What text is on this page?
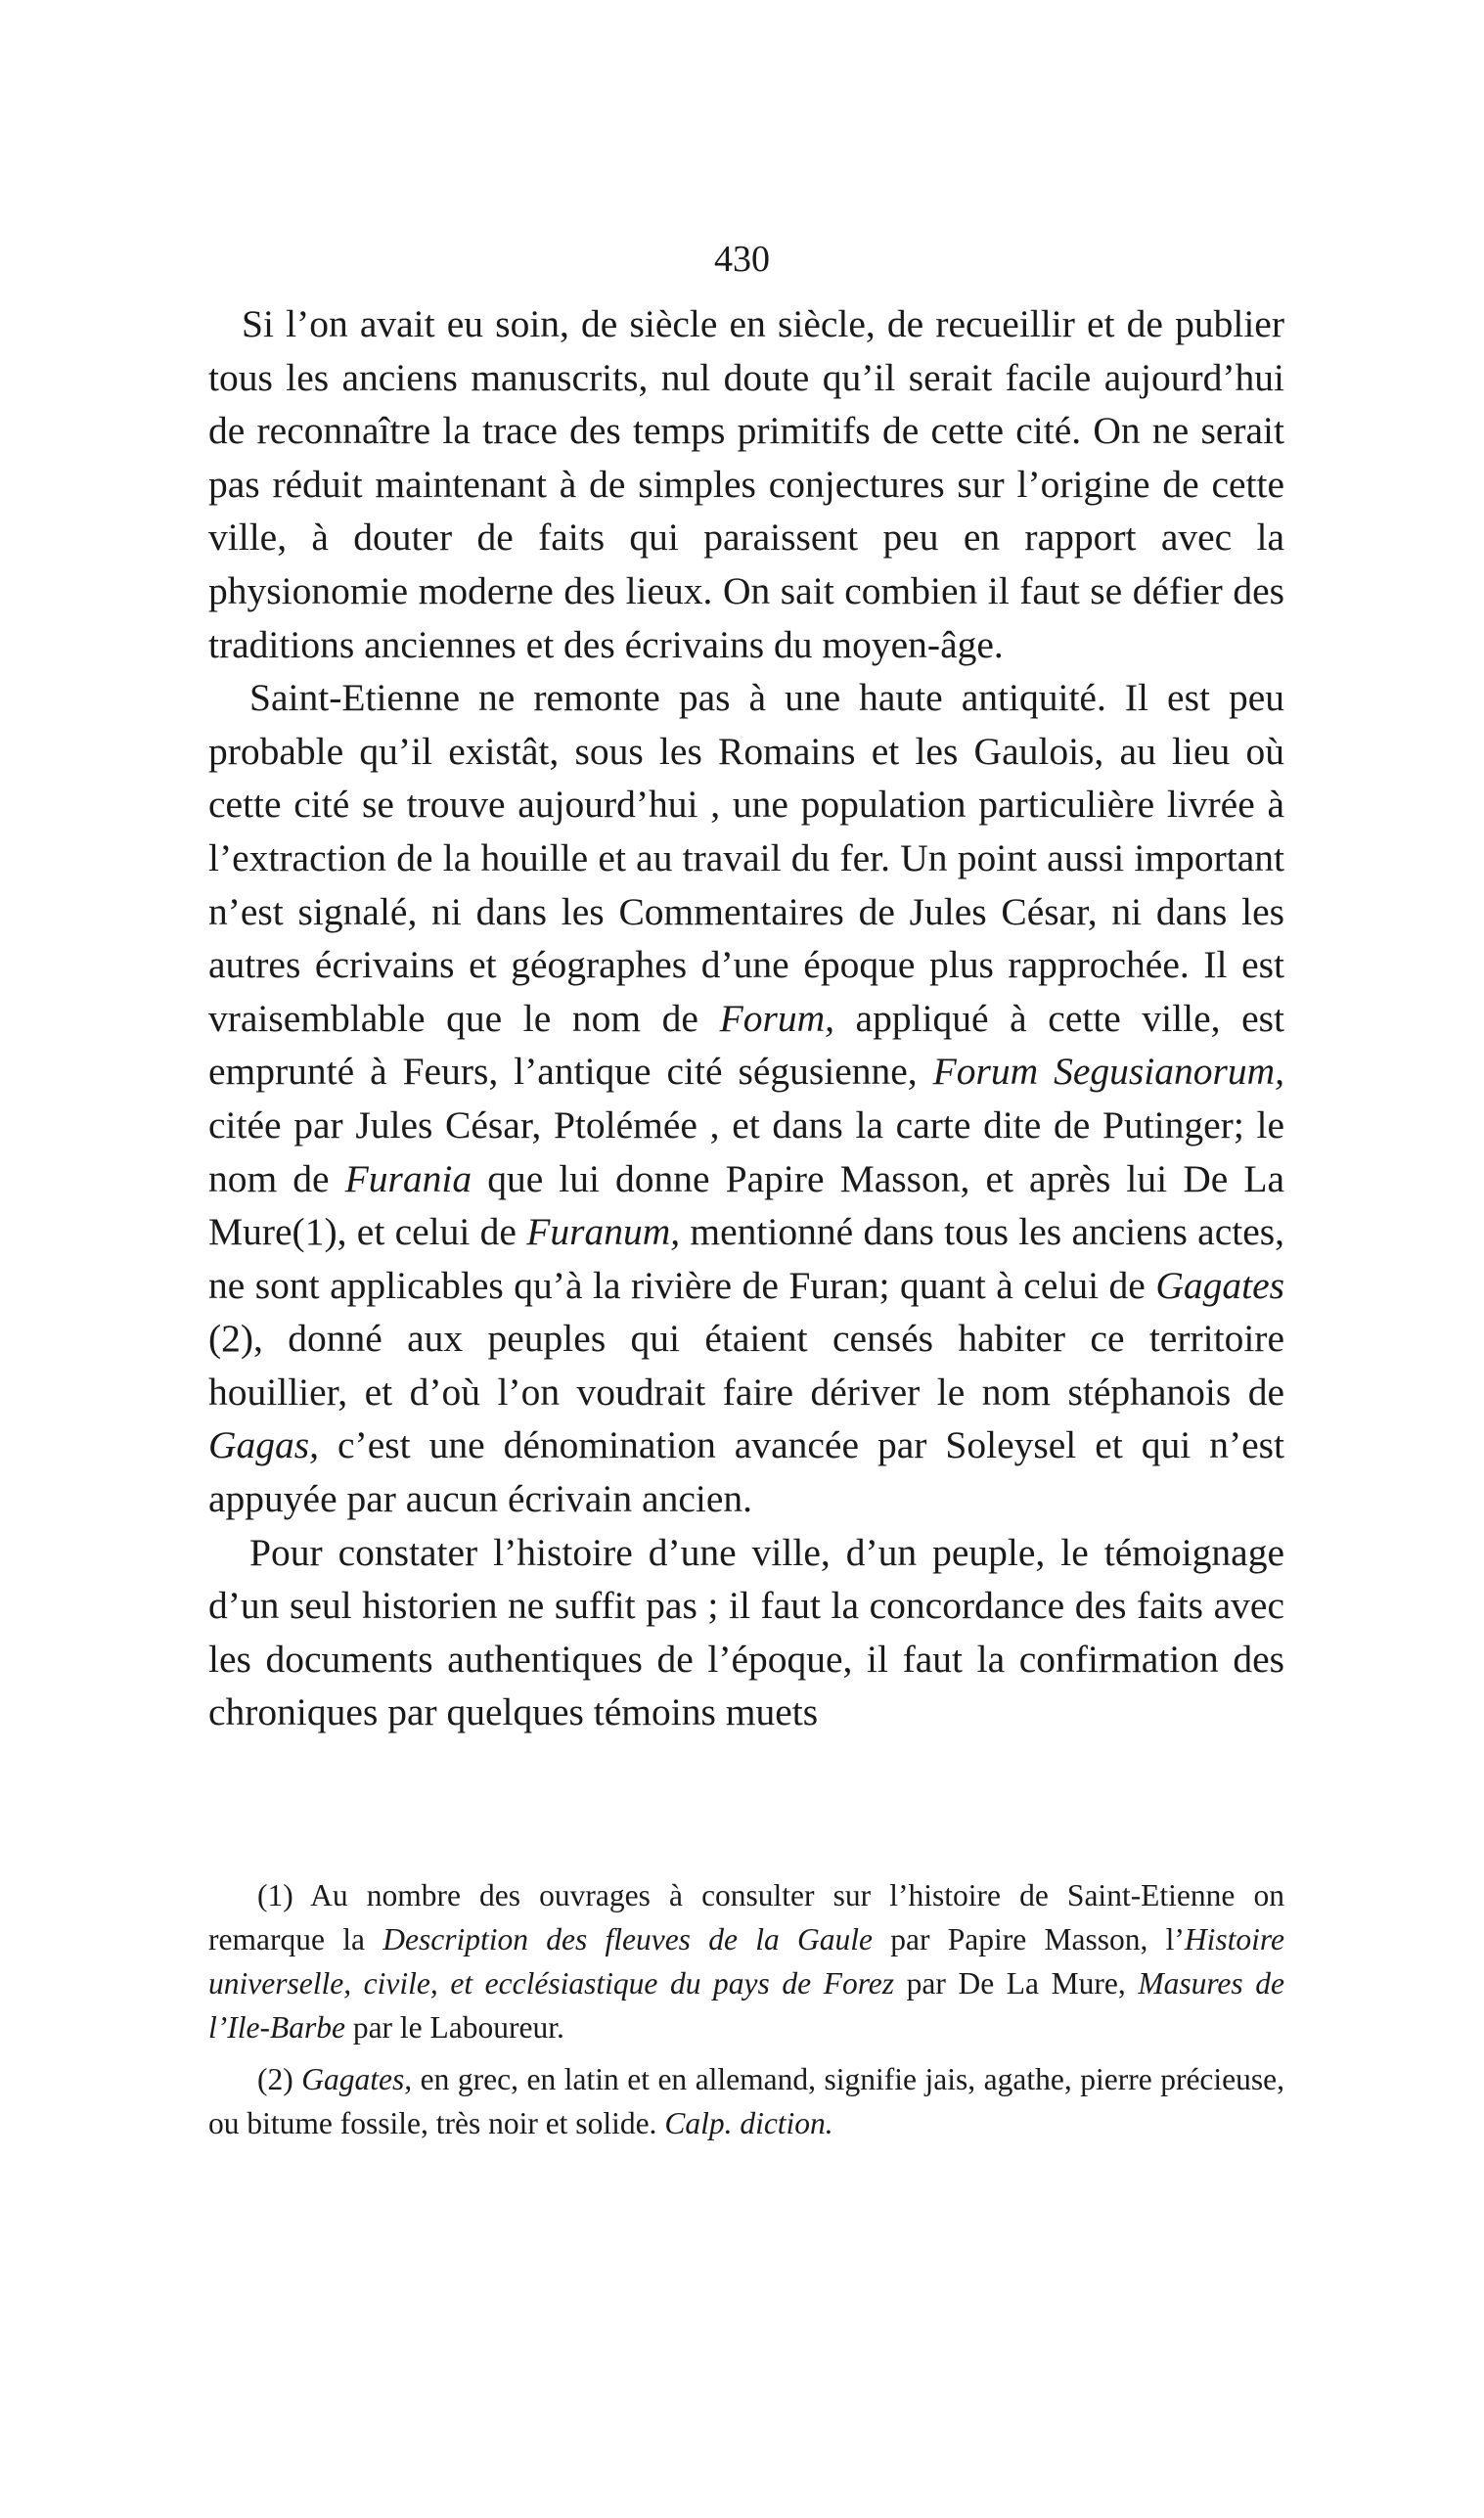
430

Si l’on avait eu soin, de siècle en siècle, de recueillir et de publier tous les anciens manuscrits, nul doute qu’il serait facile aujourd’hui de reconnaître la trace des temps primitifs de cette cité. On ne serait pas réduit maintenant à de simples conjectures sur l’origine de cette ville, à douter de faits qui paraissent peu en rapport avec la physionomie moderne des lieux. On sait combien il faut se défier des traditions anciennes et des écrivains du moyen-âge.

Saint-Etienne ne remonte pas à une haute antiquité. Il est peu probable qu’il existât, sous les Romains et les Gaulois, au lieu où cette cité se trouve aujourd’hui , une population particulière livrée à l’extraction de la houille et au travail du fer. Un point aussi important n’est signalé, ni dans les Commentaires de Jules César, ni dans les autres écrivains et géographes d’une époque plus rapprochée. Il est vraisemblable que le nom de Forum, appliqué à cette ville, est emprunté à Feurs, l’antique cité ségusienne, Forum Segusianorum, citée par Jules César, Ptolémée , et dans la carte dite de Putinger; le nom de Furania que lui donne Papire Masson, et après lui De La Mure(1), et celui de Furanum, mentionné dans tous les anciens actes, ne sont applicables qu’à la rivière de Furan; quant à celui de Gagates (2), donné aux peuples qui étaient censés habiter ce territoire houillier, et d’où l’on voudrait faire dériver le nom stéphanois de Gagas, c’est une dénomination avancée par Soleysel et qui n’est appuyée par aucun écrivain ancien.

Pour constater l’histoire d’une ville, d’un peuple, le témoignage d’un seul historien ne suffit pas ; il faut la concordance des faits avec les documents authentiques de l’époque, il faut la confirmation des chroniques par quelques témoins muets

(1) Au nombre des ouvrages à consulter sur l’histoire de Saint-Etienne on remarque la Description des fleuves de la Gaule par Papire Masson, l’Histoire universelle, civile, et ecclésiastique du pays de Forez par De La Mure, Masures de l’Ile-Barbe par le Laboureur.

(2) Gagates, en grec, en latin et en allemand, signifie jais, agathe, pierre précieuse, ou bitume fossile, très noir et solide. Calp. diction.
